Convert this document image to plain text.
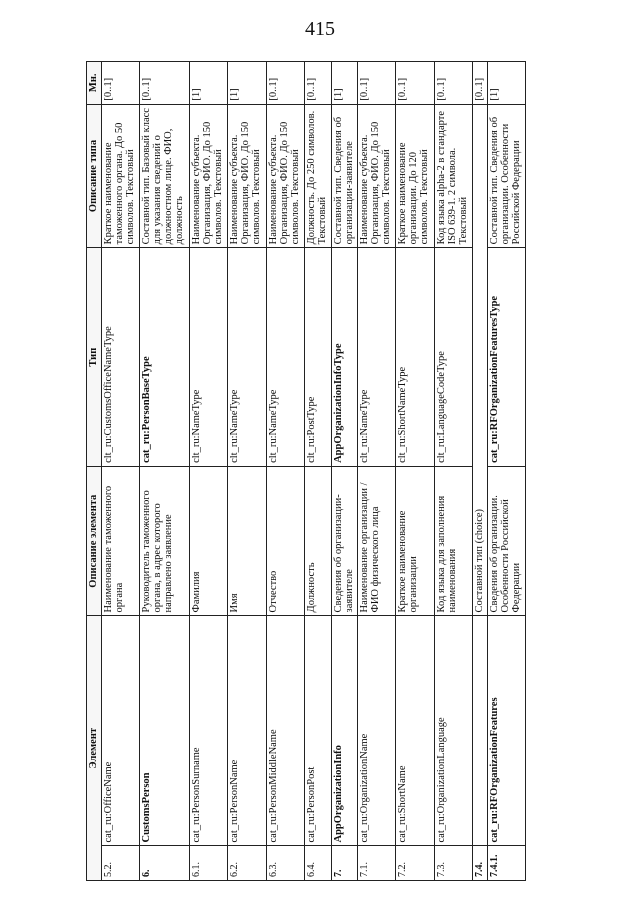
415
Элемент		Описание элемента	Тип	Описание типа	Мн.
5.2.	cat_ru:OfficeName	Наименование таможенного органа	clt_ru:CustomsOfficeNameType	Краткое наименование таможенного органа. До 50 символов. Текстовый	[0..1]
6.	CustomsPerson	Руководитель таможенного органа, в адрес которого направлено заявление	cat_ru:PersonBaseType	Составной тип. Базовый класс для указания сведений о должностном лице. ФИО, должность	[0..1]
6.1.	cat_ru:PersonSurname	Фамилия	clt_ru:NameType	Наименование субъекта. Организация, ФИО. До 150 символов. Текстовый	[1]
6.2.	cat_ru:PersonName	Имя	clt_ru:NameType	Наименование субъекта. Организация, ФИО. До 150 символов. Текстовый	[1]
6.3.	cat_ru:PersonMiddleName	Отчество	clt_ru:NameType	Наименование субъекта. Организация, ФИО. До 150 символов. Текстовый	[0..1]
6.4.	cat_ru:PersonPost	Должность	clt_ru:PostType	Должность. До 250 символов. Текстовый	[0..1]
7.	AppOrganizationInfo	Сведения об организации-заявителе	AppOrganizationInfoType	Составной тип. Сведения об организации-заявителе	[1]
7.1.	cat_ru:OrganizationName	Наименование организации / ФИО физического лица	clt_ru:NameType	Наименование субъекта. Организация, ФИО. До 150 символов. Текстовый	[0..1]
7.2.	cat_ru:ShortName	Краткое наименование организации	clt_ru:ShortNameType	Краткое наименование организации. До 120 символов. Текстовый	[0..1]
7.3.	cat_ru:OrganizationLanguage	Код языка для заполнения наименования	clt_ru:LanguageCodeType	Код языка alpha-2 в стандарте ISO 639-1. 2 символа. Текстовый	[0..1]
7.4.		Составной тип (choice)			[0..1]
7.4.1.	cat_ru:RFOrganizationFeatures	Сведения об организации. Особенности Российской Федерации	cat_ru:RFOrganizationFeaturesType	Составной тип. Сведения об организации. Особенности Российской Федерации	[1]
